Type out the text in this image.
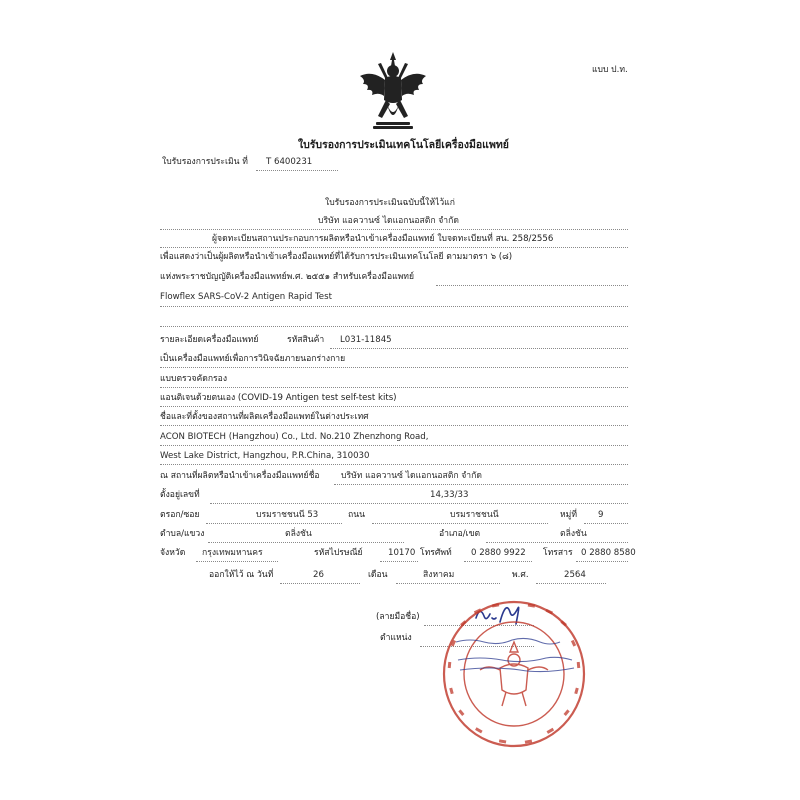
แบบ ป.ท.
ใบรับรองการประเมินเทคโนโลยีเครื่องมือแพทย์
ใบรับรองการประเมิน ที่ T 6400231
ใบรับรองการประเมินฉบับนี้ให้ไว้แก่
บริษัท แอควานซ์ ไดแอกนอสติก จำกัด
ผู้จดทะเบียนสถานประกอบการผลิตหรือนำเข้าเครื่องมือแพทย์ ใบจดทะเบียนที่ สน. 258/2556
เพื่อแสดงว่าเป็นผู้ผลิตหรือนำเข้าเครื่องมือแพทย์ที่ได้รับการประเมินเทคโนโลยี ตามมาตรา ๖ (๘)
แห่งพระราชบัญญัติเครื่องมือแพทย์พ.ศ. ๒๕๕๑ สำหรับเครื่องมือแพทย์
Flowflex SARS-CoV-2 Antigen Rapid Test
รายละเอียดเครื่องมือแพทย์	รหัสสินค้า L031-11845
เป็นเครื่องมือแพทย์เพื่อการวินิจฉัยภายนอกร่างกาย
แบบตรวจคัดกรอง
แอนติเจนด้วยตนเอง (COVID-19 Antigen test self-test kits)
ชื่อและที่ตั้งของสถานที่ผลิตเครื่องมือแพทย์ในต่างประเทศ
ACON BIOTECH (Hangzhou) Co., Ltd. No.210 Zhenzhong Road,
West Lake District, Hangzhou, P.R.China, 310030
ณ สถานที่ผลิตหรือนำเข้าเครื่องมือแพทย์ชื่อ บริษัท แอควานซ์ ไดแอกนอสติก จำกัด
ตั้งอยู่เลขที่	14,33/33
ตรอก/ซอย	บรมราชชนนี 53	ถนน	บรมราชชนนี	หมู่ที่ 9
ตำบล/แขวง	ตลิ่งชัน	อำเภอ/เขต	ตลิ่งชัน
จังหวัด กรุงเทพมหานคร	รหัสไปรษณีย์	10170 โทรศัพท์ 0 2880 9922 โทรสาร 0 2880 8580
ออกให้ไว้ ณ วันที่	26	เดือน	สิงหาคม	พ.ศ.	2564
(ลายมือชื่อ)
ตำแหน่ง
